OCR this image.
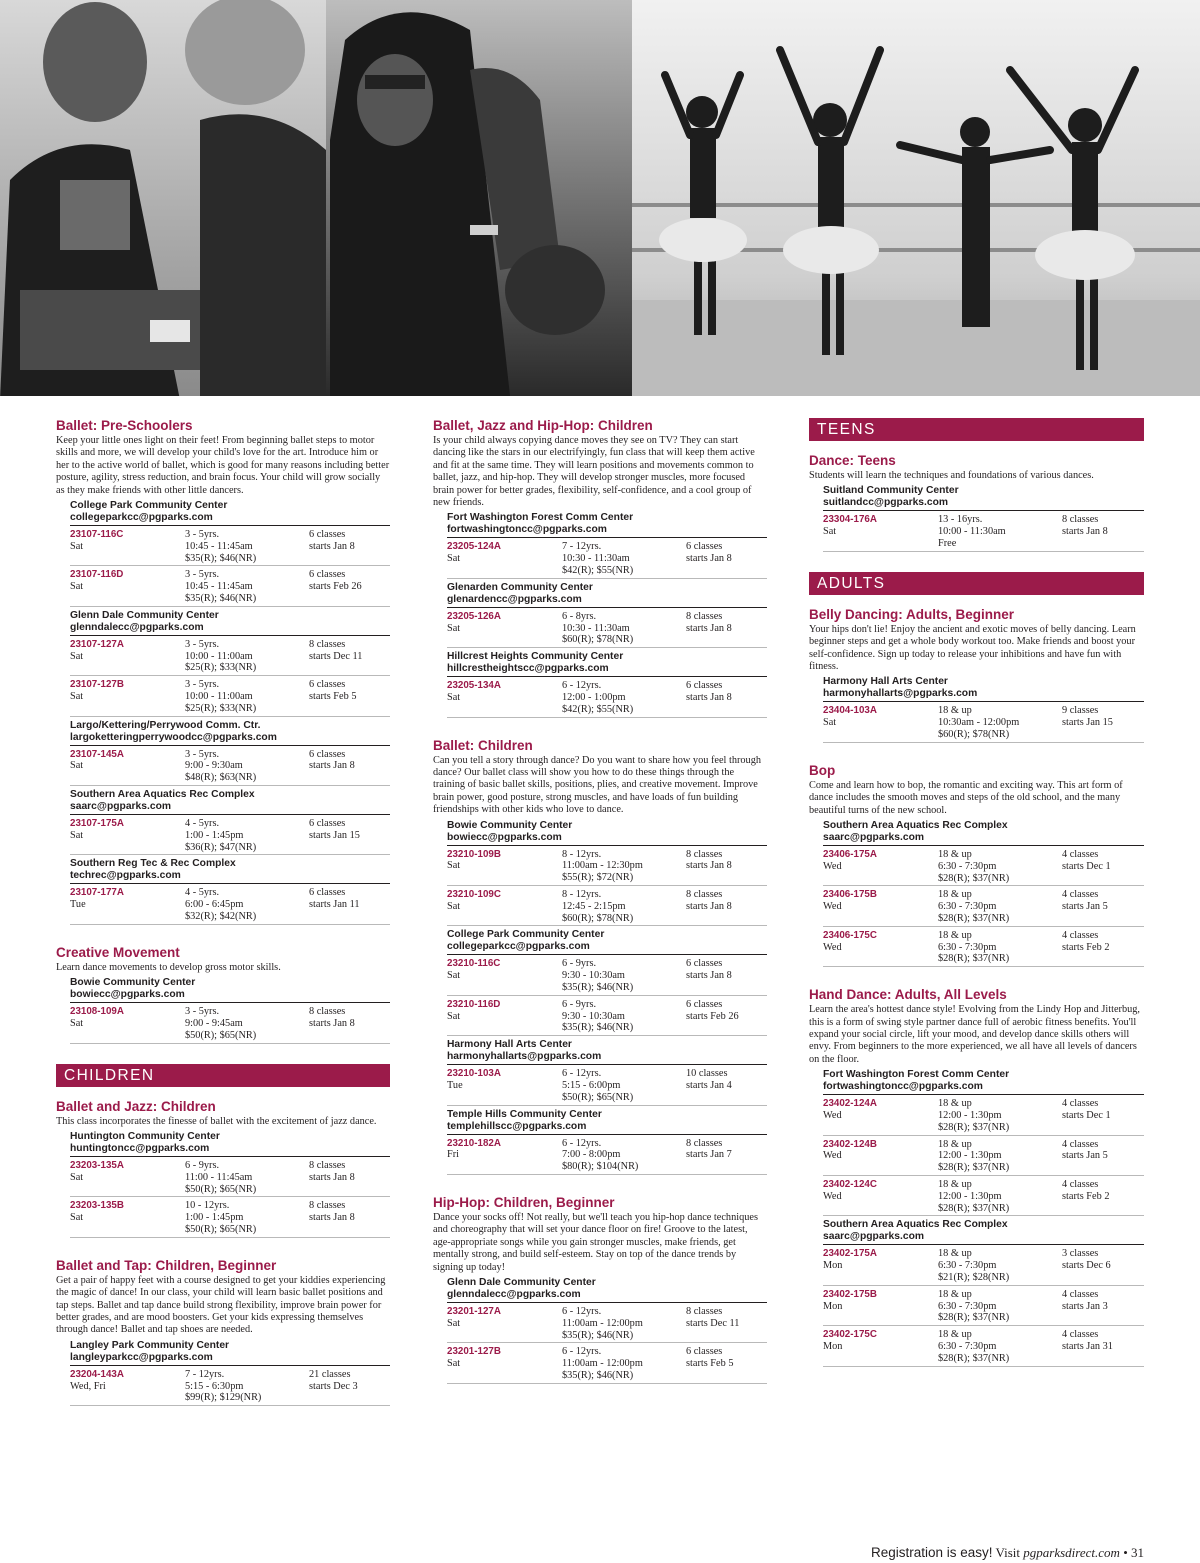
Ballet: Pre-Schoolers
Keep your little ones light on their feet! From beginning ballet steps to motor skills and more, we will develop your child's love for the art. Introduce him or her to the active world of ballet, which is good for many reasons including better posture, agility, stress reduction, and brain focus. Your child will grow socially as they make friends with other little dancers.
College Park Community Center
collegeparkcc@pgparks.com
23107-116C	3 - 5yrs.	6 classes
Sat	10:45 - 11:45am	starts Jan 8
$35(R); $46(NR)
23107-116D	3 - 5yrs.	6 classes
Sat	10:45 - 11:45am	starts Feb 26
$35(R); $46(NR)
Glenn Dale Community Center
glenndalecc@pgparks.com
23107-127A	3 - 5yrs.	8 classes
Sat	10:00 - 11:00am	starts Dec 11
$25(R); $33(NR)
23107-127B	3 - 5yrs.	6 classes
Sat	10:00 - 11:00am	starts Feb 5
$25(R); $33(NR)
Largo/Kettering/Perrywood Comm. Ctr.
largoketteringperrywoodcc@pgparks.com
23107-145A	3 - 5yrs.	6 classes
Sat	9:00 - 9:30am	starts Jan 8
$48(R); $63(NR)
Southern Area Aquatics Rec Complex
saarc@pgparks.com
23107-175A	4 - 5yrs.	6 classes
Sat	1:00 - 1:45pm	starts Jan 15
$36(R); $47(NR)
Southern Reg Tec & Rec Complex
techrec@pgparks.com
23107-177A	4 - 5yrs.	6 classes
Tue	6:00 - 6:45pm	starts Jan 11
$32(R); $42(NR)
Creative Movement
Learn dance movements to develop gross motor skills.
Bowie Community Center
bowiecc@pgparks.com
23108-109A	3 - 5yrs.	8 classes
Sat	9:00 - 9:45am	starts Jan 8
$50(R); $65(NR)
CHILDREN
Ballet and Jazz: Children
This class incorporates the finesse of ballet with the excitement of jazz dance.
Huntington Community Center
huntingtoncc@pgparks.com
23203-135A	6 - 9yrs.	8 classes
Sat	11:00 - 11:45am	starts Jan 8
$50(R); $65(NR)
23203-135B	10 - 12yrs.	8 classes
Sat	1:00 - 1:45pm	starts Jan 8
$50(R); $65(NR)
Ballet and Tap: Children, Beginner
Get a pair of happy feet with a course designed to get your kiddies experiencing the magic of dance! In our class, your child will learn basic ballet positions and tap steps. Ballet and tap dance build strong flexibility, improve brain power for better grades, and are mood boosters. Get your kids expressing themselves through dance! Ballet and tap shoes are needed.
Langley Park Community Center
langleyparkcc@pgparks.com
23204-143A	7 - 12yrs.	21 classes
Wed, Fri	5:15 - 6:30pm	starts Dec 3
$99(R); $129(NR)
Ballet, Jazz and Hip-Hop: Children
Is your child always copying dance moves they see on TV? They can start dancing like the stars in our electrifyingly, fun class that will keep them active and fit at the same time. They will learn positions and movements common to ballet, jazz, and hip-hop. They will develop stronger muscles, more focused brain power for better grades, flexibility, self-confidence, and a cool group of new friends.
Fort Washington Forest Comm Center
fortwashingtoncc@pgparks.com
23205-124A	7 - 12yrs.	6 classes
Sat	10:30 - 11:30am	starts Jan 8
$42(R); $55(NR)
Glenarden Community Center
glenardencc@pgparks.com
23205-126A	6 - 8yrs.	8 classes
Sat	10:30 - 11:30am	starts Jan 8
$60(R); $78(NR)
Hillcrest Heights Community Center
hillcrestheightscc@pgparks.com
23205-134A	6 - 12yrs.	6 classes
Sat	12:00 - 1:00pm	starts Jan 8
$42(R); $55(NR)
Ballet: Children
Can you tell a story through dance? Do you want to share how you feel through dance? Our ballet class will show you how to do these things through the training of basic ballet skills, positions, plies, and creative movement. Improve brain power, good posture, strong muscles, and have loads of fun building friendships with other kids who love to dance.
Bowie Community Center
bowiecc@pgparks.com
23210-109B	8 - 12yrs.	8 classes
Sat	11:00am - 12:30pm	starts Jan 8
$55(R); $72(NR)
23210-109C	8 - 12yrs.	8 classes
Sat	12:45 - 2:15pm	starts Jan 8
$60(R); $78(NR)
College Park Community Center
collegeparkcc@pgparks.com
23210-116C	6 - 9yrs.	6 classes
Sat	9:30 - 10:30am	starts Jan 8
$35(R); $46(NR)
23210-116D	6 - 9yrs.	6 classes
Sat	9:30 - 10:30am	starts Feb 26
$35(R); $46(NR)
Harmony Hall Arts Center
harmonyhallarts@pgparks.com
23210-103A	6 - 12yrs.	10 classes
Tue	5:15 - 6:00pm	starts Jan 4
$50(R); $65(NR)
Temple Hills Community Center
templehillscc@pgparks.com
23210-182A	6 - 12yrs.	8 classes
Fri	7:00 - 8:00pm	starts Jan 7
$80(R); $104(NR)
Hip-Hop: Children, Beginner
Dance your socks off! Not really, but we'll teach you hip-hop dance techniques and choreography that will set your dance floor on fire! Groove to the latest, age-appropriate songs while you gain stronger muscles, make friends, get mentally strong, and build self-esteem. Stay on top of the dance trends by signing up today!
Glenn Dale Community Center
glenndalecc@pgparks.com
23201-127A	6 - 12yrs.	8 classes
Sat	11:00am - 12:00pm	starts Dec 11
$35(R); $46(NR)
23201-127B	6 - 12yrs.	6 classes
Sat	11:00am - 12:00pm	starts Feb 5
$35(R); $46(NR)
TEENS
Dance: Teens
Students will learn the techniques and foundations of various dances.
Suitland Community Center
suitlandcc@pgparks.com
23304-176A	13 - 16yrs.	8 classes
Sat	10:00 - 11:30am	starts Jan 8
Free
ADULTS
Belly Dancing: Adults, Beginner
Your hips don't lie! Enjoy the ancient and exotic moves of belly dancing. Learn beginner steps and get a whole body workout too. Make friends and boost your self-confidence. Sign up today to release your inhibitions and have fun with fitness.
Harmony Hall Arts Center
harmonyhallarts@pgparks.com
23404-103A	18 & up	9 classes
Sat	10:30am - 12:00pm	starts Jan 15
$60(R); $78(NR)
Bop
Come and learn how to bop, the romantic and exciting way. This art form of dance includes the smooth moves and steps of the old school, and the many beautiful turns of the new school.
Southern Area Aquatics Rec Complex
saarc@pgparks.com
23406-175A	18 & up	4 classes
Wed	6:30 - 7:30pm	starts Dec 1
$28(R); $37(NR)
23406-175B	18 & up	4 classes
Wed	6:30 - 7:30pm	starts Jan 5
$28(R); $37(NR)
23406-175C	18 & up	4 classes
Wed	6:30 - 7:30pm	starts Feb 2
$28(R); $37(NR)
Hand Dance: Adults, All Levels
Learn the area's hottest dance style! Evolving from the Lindy Hop and Jitterbug, this is a form of swing style partner dance full of aerobic fitness benefits. You'll expand your social circle, lift your mood, and develop dance skills others will envy. From beginners to the more experienced, we all have all levels of dancers on the floor.
Fort Washington Forest Comm Center
fortwashingtoncc@pgparks.com
23402-124A	18 & up	4 classes
Wed	12:00 - 1:30pm	starts Dec 1
$28(R); $37(NR)
23402-124B	18 & up	4 classes
Wed	12:00 - 1:30pm	starts Jan 5
$28(R); $37(NR)
23402-124C	18 & up	4 classes
Wed	12:00 - 1:30pm	starts Feb 2
$28(R); $37(NR)
Southern Area Aquatics Rec Complex
saarc@pgparks.com
23402-175A	18 & up	3 classes
Mon	6:30 - 7:30pm	starts Dec 6
$21(R); $28(NR)
23402-175B	18 & up	4 classes
Mon	6:30 - 7:30pm	starts Jan 3
$28(R); $37(NR)
23402-175C	18 & up	4 classes
Mon	6:30 - 7:30pm	starts Jan 31
$28(R); $37(NR)
Registration is easy! Visit pgparksdirect.com • 31
